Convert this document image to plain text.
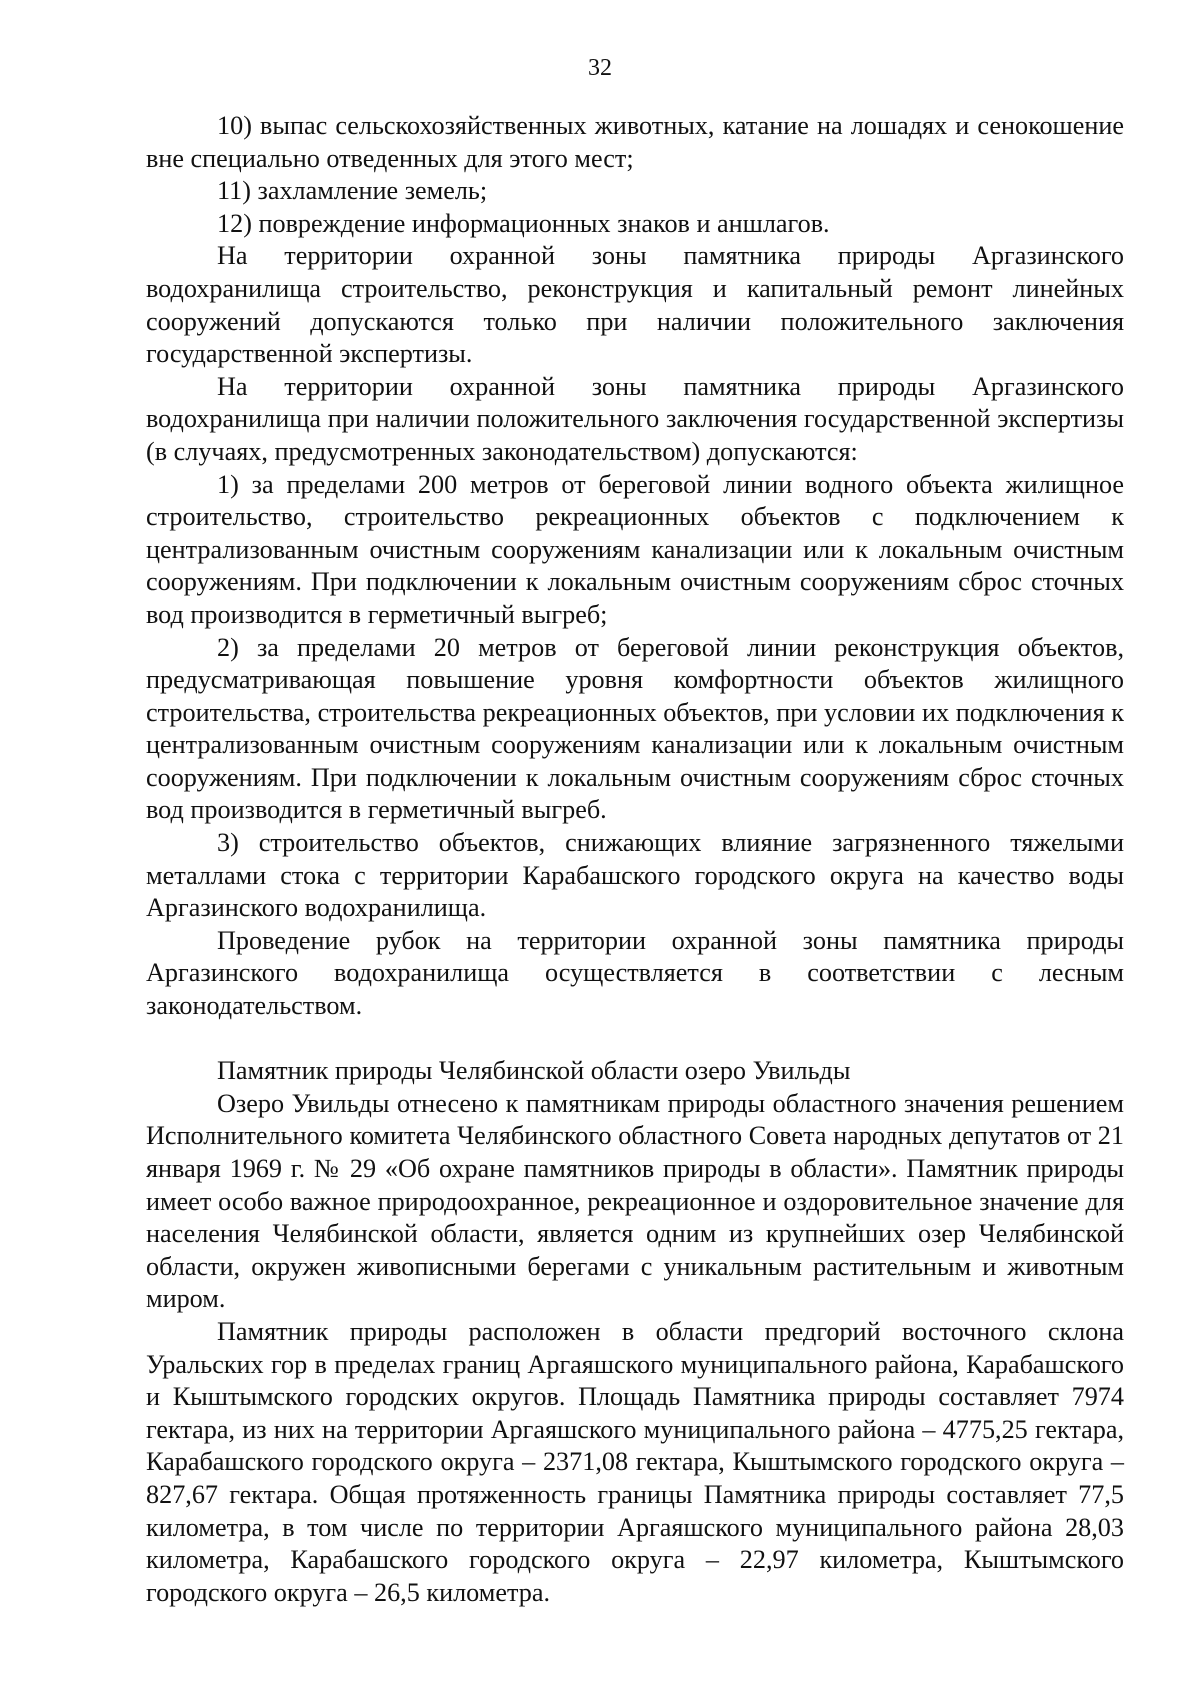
32

10) выпас сельскохозяйственных животных, катание на лошадях и сенокошение вне специально отведенных для этого мест;

11) захламление земель;

12) повреждение информационных знаков и аншлагов.

На территории охранной зоны памятника природы Аргазинского водохранилища строительство, реконструкция и капитальный ремонт линейных сооружений допускаются только при наличии положительного заключения государственной экспертизы.

На территории охранной зоны памятника природы Аргазинского водохранилища при наличии положительного заключения государственной экспертизы (в случаях, предусмотренных законодательством) допускаются:

1) за пределами 200 метров от береговой линии водного объекта жилищное строительство, строительство рекреационных объектов с подключением к централизованным очистным сооружениям канализации или к локальным очистным сооружениям. При подключении к локальным очистным сооружениям сброс сточных вод производится в герметичный выгреб;

2) за пределами 20 метров от береговой линии реконструкция объектов, предусматривающая повышение уровня комфортности объектов жилищного строительства, строительства рекреационных объектов, при условии их подключения к централизованным очистным сооружениям канализации или к локальным очистным сооружениям. При подключении к локальным очистным сооружениям сброс сточных вод производится в герметичный выгреб.

3) строительство объектов, снижающих влияние загрязненного тяжелыми металлами стока с территории Карабашского городского округа на качество воды Аргазинского водохранилища.

Проведение рубок на территории охранной зоны памятника природы Аргазинского водохранилища осуществляется в соответствии с лесным законодательством.

Памятник природы Челябинской области озеро Увильды

Озеро Увильды отнесено к памятникам природы областного значения решением Исполнительного комитета Челябинского областного Совета народных депутатов от 21 января 1969 г. № 29 «Об охране памятников природы в области». Памятник природы имеет особо важное природоохранное, рекреационное и оздоровительное значение для населения Челябинской области, является одним из крупнейших озер Челябинской области, окружен живописными берегами с уникальным растительным и животным миром.

Памятник природы расположен в области предгорий восточного склона Уральских гор в пределах границ Аргаяшского муниципального района, Карабашского и Кыштымского городских округов. Площадь Памятника природы составляет 7974 гектара, из них на территории Аргаяшского муниципального района – 4775,25 гектара, Карабашского городского округа – 2371,08 гектара, Кыштымского городского округа – 827,67 гектара. Общая протяженность границы Памятника природы составляет 77,5 километра, в том числе по территории Аргаяшского муниципального района 28,03 километра, Карабашского городского округа – 22,97 километра, Кыштымского городского округа – 26,5 километра.
